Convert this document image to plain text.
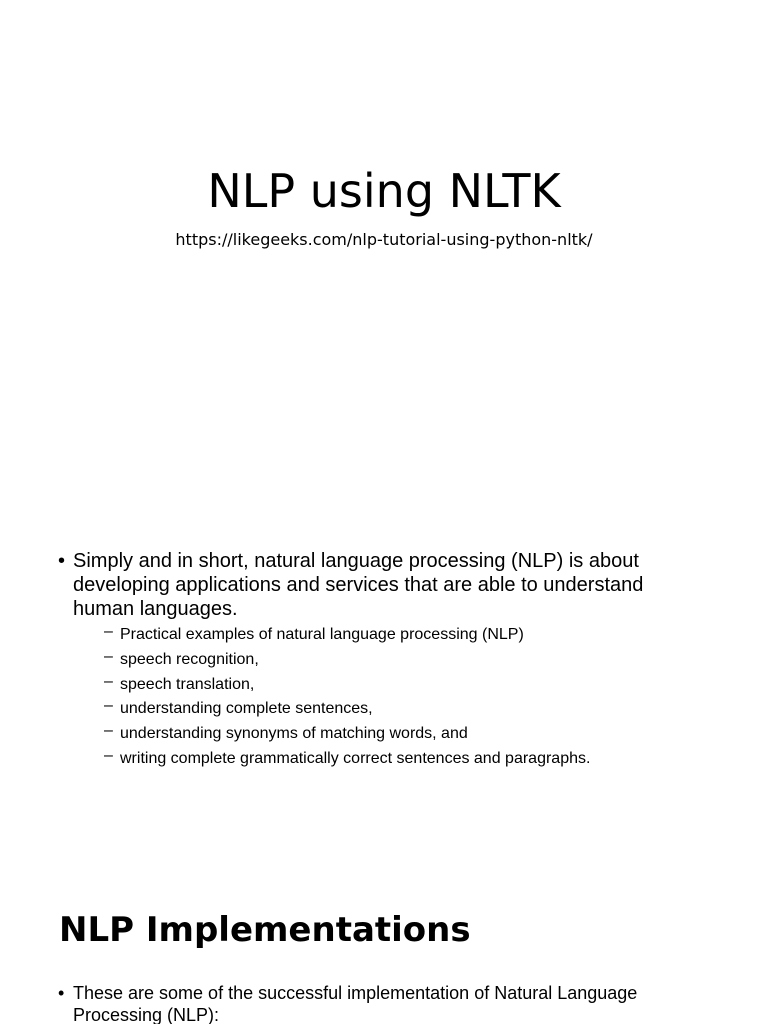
NLP using NLTK
https://likegeeks.com/nlp-tutorial-using-python-nltk/
• Simply and in short, natural language processing (NLP) is about developing applications and services that are able to understand human languages.
– Practical examples of natural language processing (NLP)
– speech recognition,
– speech translation,
– understanding complete sentences,
– understanding synonyms of matching words, and
– writing complete grammatically correct sentences and paragraphs.
NLP Implementations
• These are some of the successful implementation of Natural Language Processing (NLP):
